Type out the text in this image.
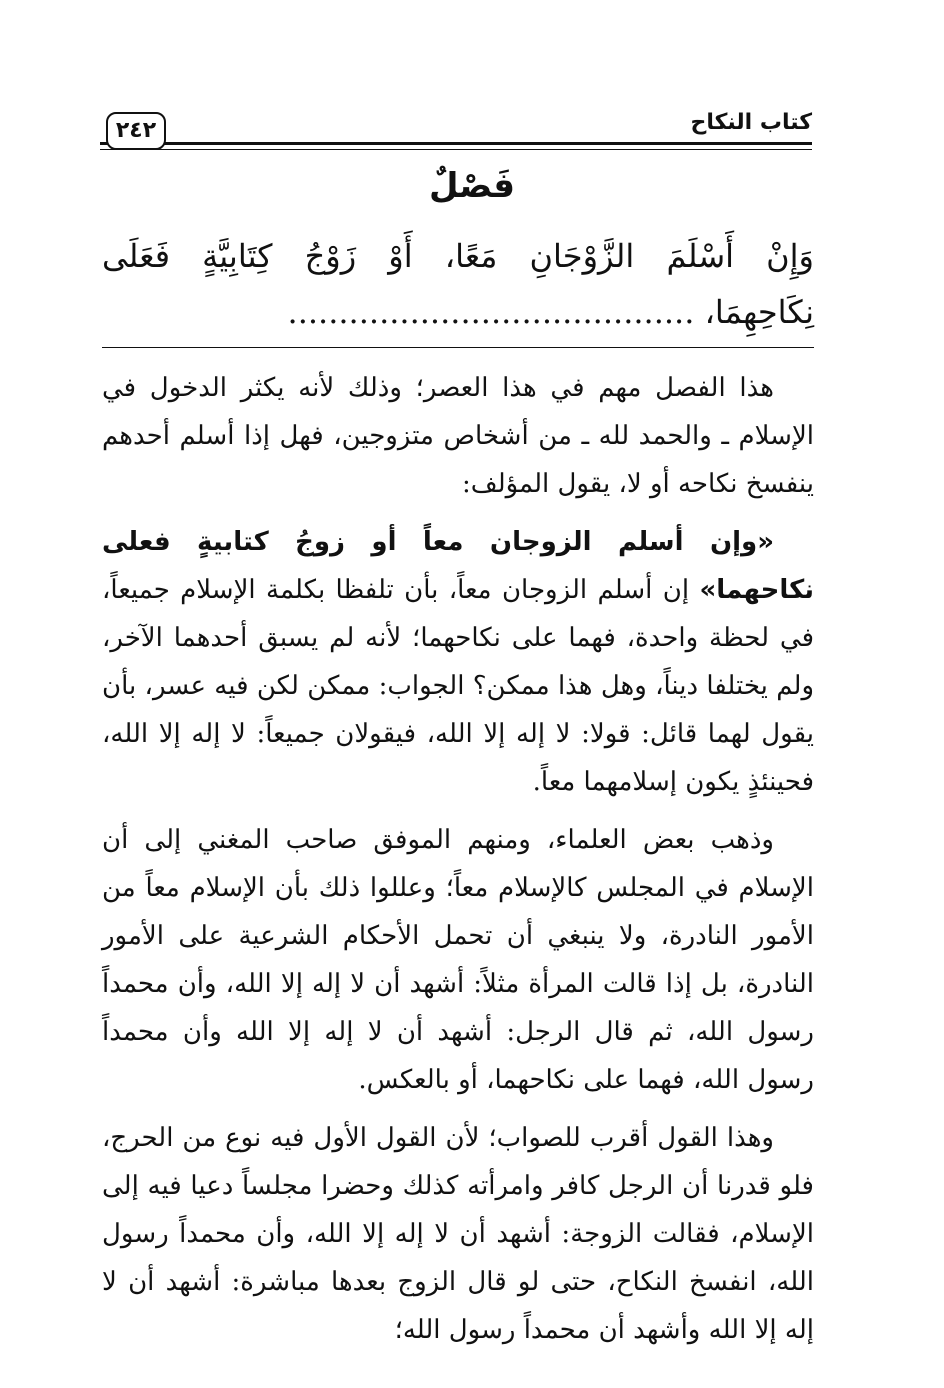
كتاب النكاح
٢٤٢
فَصْلٌ
وَإِنْ أَسْلَمَ الزَّوْجَانِ مَعًا، أَوْ زَوْجُ كِتَابِيَّةٍ فَعَلَى
نِكَاحِهِمَا، ........................................

هذا الفصل مهم في هذا العصر؛ وذلك لأنه يكثر الدخول في الإسلام ـ والحمد لله ـ من أشخاص متزوجين، فهل إذا أسلم أحدهم ينفسخ نكاحه أو لا، يقول المؤلف:

«وإن أسلم الزوجان معاً أو زوجُ كتابيةٍ فعلى نكاحهما» إن أسلم الزوجان معاً، بأن تلفظا بكلمة الإسلام جميعاً، في لحظة واحدة، فهما على نكاحهما؛ لأنه لم يسبق أحدهما الآخر، ولم يختلفا ديناً، وهل هذا ممكن؟ الجواب: ممكن لكن فيه عسر، بأن يقول لهما قائل: قولا: لا إله إلا الله، فيقولان جميعاً: لا إله إلا الله، فحينئذٍ يكون إسلامهما معاً.

وذهب بعض العلماء، ومنهم الموفق صاحب المغني إلى أن الإسلام في المجلس كالإسلام معاً؛ وعللوا ذلك بأن الإسلام معاً من الأمور النادرة، ولا ينبغي أن تحمل الأحكام الشرعية على الأمور النادرة، بل إذا قالت المرأة مثلاً: أشهد أن لا إله إلا الله، وأن محمداً رسول الله، ثم قال الرجل: أشهد أن لا إله إلا الله وأن محمداً رسول الله، فهما على نكاحهما، أو بالعكس.

وهذا القول أقرب للصواب؛ لأن القول الأول فيه نوع من الحرج، فلو قدرنا أن الرجل كافر وامرأته كذلك وحضرا مجلساً دعيا فيه إلى الإسلام، فقالت الزوجة: أشهد أن لا إله إلا الله، وأن محمداً رسول الله، انفسخ النكاح، حتى لو قال الزوج بعدها مباشرة: أشهد أن لا إله إلا الله وأشهد أن محمداً رسول الله؛
